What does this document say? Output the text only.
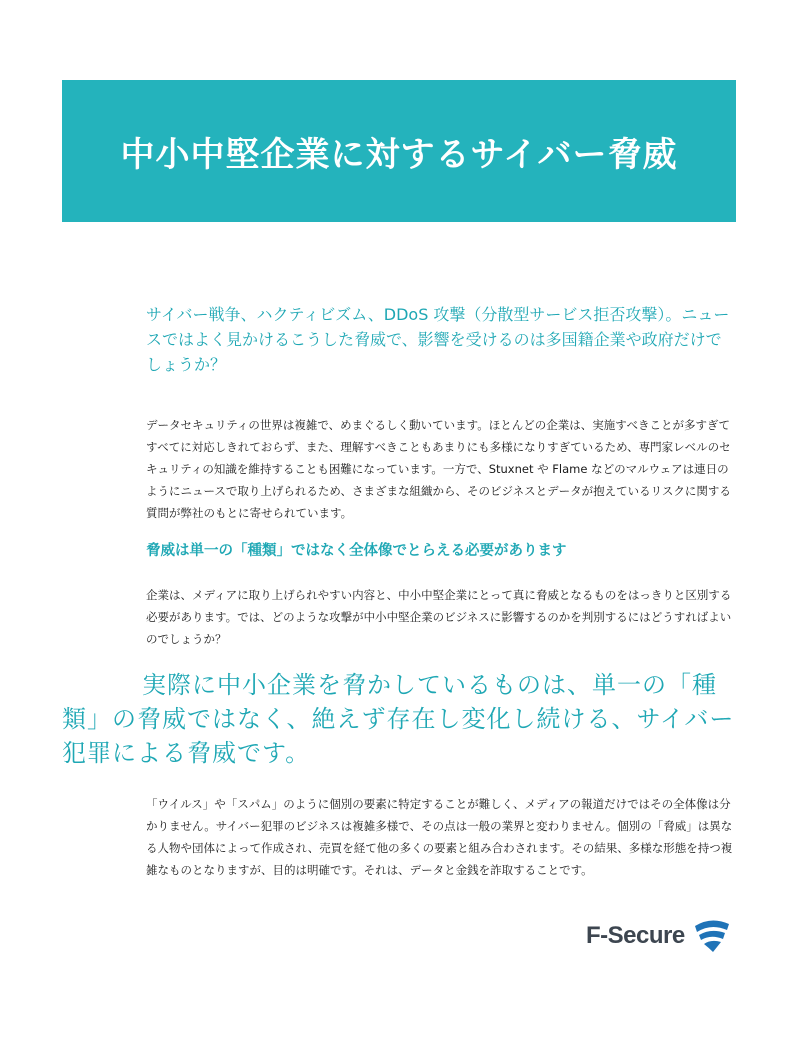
中小中堅企業に対するサイバー脅威

サイバー戦争、ハクティビズム、DDoS 攻撃（分散型サービス拒否攻撃）。ニュースではよく見かけるこうした脅威で、影響を受けるのは多国籍企業や政府だけでしょうか？

データセキュリティの世界は複雑で、めまぐるしく動いています。ほとんどの企業は、実施すべきことが多すぎてすべてに対応しきれておらず、また、理解すべきこともあまりにも多様になりすぎているため、専門家レベルのセキュリティの知識を維持することも困難になっています。一方で、Stuxnet や Flame などのマルウェアは連日のようにニュースで取り上げられるため、さまざまな組織から、そのビジネスとデータが抱えているリスクに関する質問が弊社のもとに寄せられています。

脅威は単一の「種類」ではなく全体像でとらえる必要があります

企業は、メディアに取り上げられやすい内容と、中小中堅企業にとって真に脅威となるものをはっきりと区別する必要があります。では、どのような攻撃が中小中堅企業のビジネスに影響するのかを判別するにはどうすればよいのでしょうか？

実際に中小企業を脅かしているものは、単一の「種類」の脅威ではなく、絶えず存在し変化し続ける、サイバー犯罪による脅威です。

「ウイルス」や「スパム」のように個別の要素に特定することが難しく、メディアの報道だけではその全体像は分かりません。サイバー犯罪のビジネスは複雑多様で、その点は一般の業界と変わりません。個別の「脅威」は異なる人物や団体によって作成され、売買を経て他の多くの要素と組み合わされます。その結果、多様な形態を持つ複雑なものとなりますが、目的は明確です。それは、データと金銭を詐取することです。

F-Secure
